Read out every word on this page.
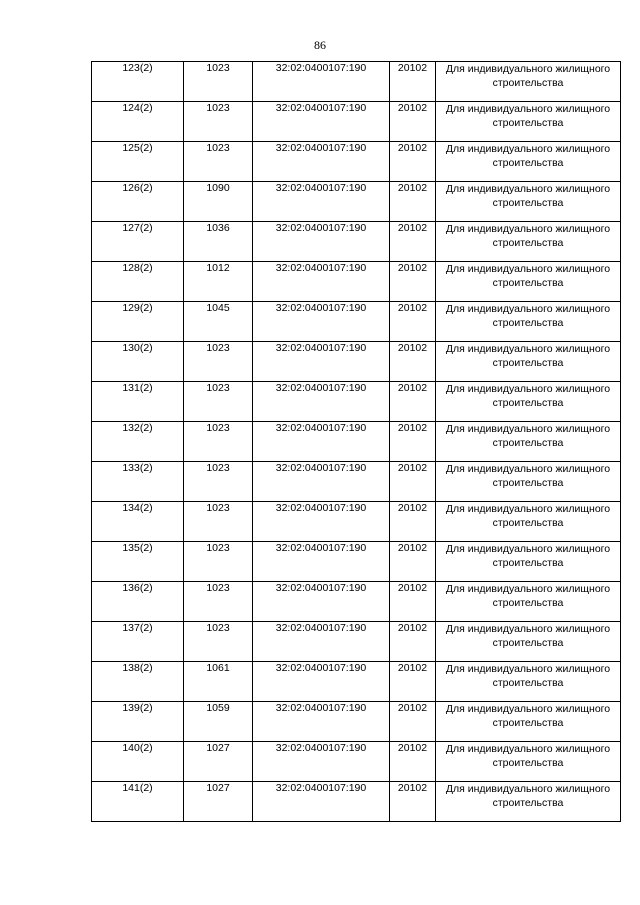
86
123(2)	1023	32:02:0400107:190	20102	Для индивидуального жилищного строительства
124(2)	1023	32:02:0400107:190	20102	Для индивидуального жилищного строительства
125(2)	1023	32:02:0400107:190	20102	Для индивидуального жилищного строительства
126(2)	1090	32:02:0400107:190	20102	Для индивидуального жилищного строительства
127(2)	1036	32:02:0400107:190	20102	Для индивидуального жилищного строительства
128(2)	1012	32:02:0400107:190	20102	Для индивидуального жилищного строительства
129(2)	1045	32:02:0400107:190	20102	Для индивидуального жилищного строительства
130(2)	1023	32:02:0400107:190	20102	Для индивидуального жилищного строительства
131(2)	1023	32:02:0400107:190	20102	Для индивидуального жилищного строительства
132(2)	1023	32:02:0400107:190	20102	Для индивидуального жилищного строительства
133(2)	1023	32:02:0400107:190	20102	Для индивидуального жилищного строительства
134(2)	1023	32:02:0400107:190	20102	Для индивидуального жилищного строительства
135(2)	1023	32:02:0400107:190	20102	Для индивидуального жилищного строительства
136(2)	1023	32:02:0400107:190	20102	Для индивидуального жилищного строительства
137(2)	1023	32:02:0400107:190	20102	Для индивидуального жилищного строительства
138(2)	1061	32:02:0400107:190	20102	Для индивидуального жилищного строительства
139(2)	1059	32:02:0400107:190	20102	Для индивидуального жилищного строительства
140(2)	1027	32:02:0400107:190	20102	Для индивидуального жилищного строительства
141(2)	1027	32:02:0400107:190	20102	Для индивидуального жилищного строительства
